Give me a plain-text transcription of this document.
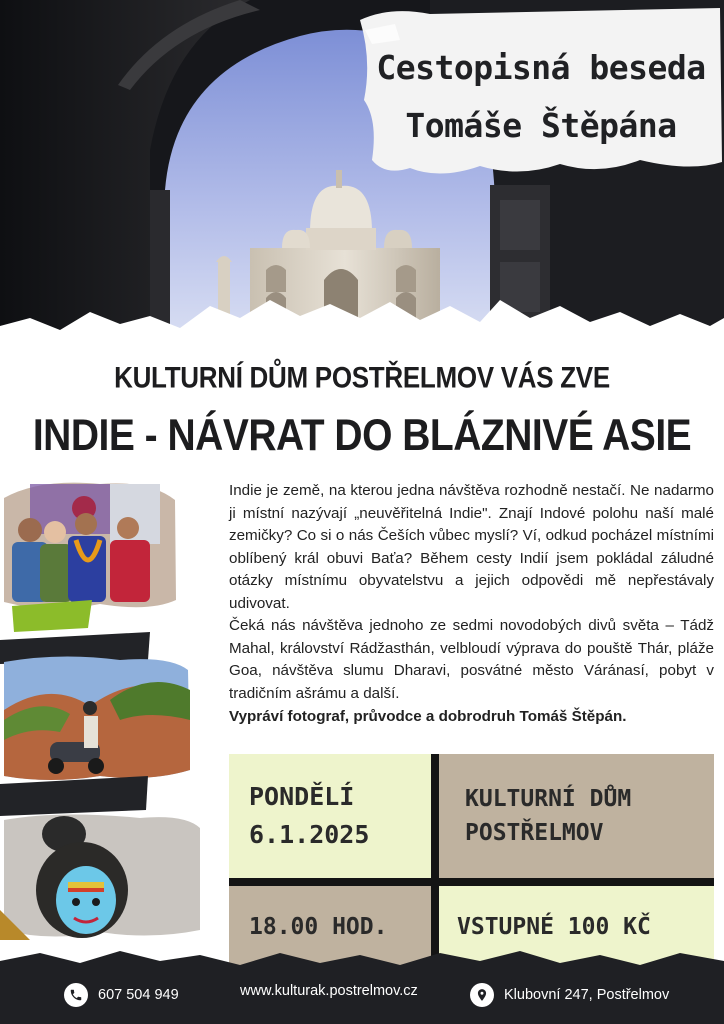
Cestopisná beseda
Tomáše Štěpána
KULTURNÍ DŮM POSTŘELMOV VÁS ZVE
INDIE - NÁVRAT DO BLÁZNIVÉ ASIE

Indie je země, na kterou jedna návštěva rozhodně nestačí. Ne nadarmo ji místní nazývají „neuvěřitelná Indie". Znají Indové polohu naší malé zemičky? Co si o nás Češích vůbec myslí? Ví, odkud pocházel místními oblíbený král obuvi Baťa? Během cesty Indií jsem pokládal záludné otázky místnímu obyvatelstvu a jejich odpovědi mě nepřestávaly udivovat.

Čeká nás návštěva jednoho ze sedmi novodobých divů světa – Tádž Mahal, království Rádžasthán, velbloudí výprava do pouště Thár, pláže Goa, návštěva slumu Dharavi, posvátné město Váránasí, pobyt v tradičním ašrámu a další.

Vypráví fotograf, průvodce a dobrodruh Tomáš Štěpán.

PONDĚLÍ
6.1.2025
KULTURNÍ DŮM
POSTŘELMOV
18.00 HOD.	VSTUPNÉ 100 KČ
607 504 949	www.kulturak.postrelmov.cz	Klubovní 247, Postřelmov
